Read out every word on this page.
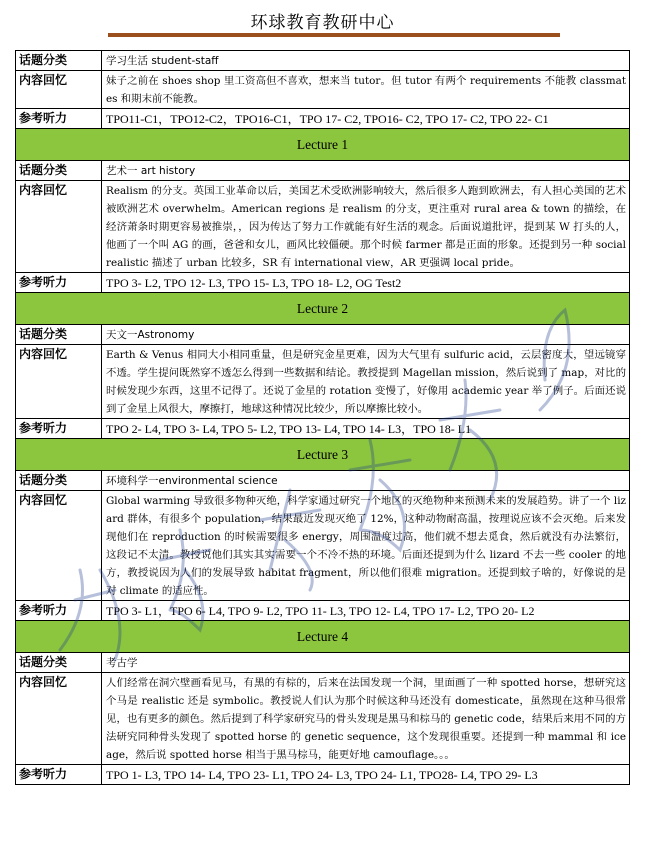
环球教育教研中心
话题分类	学习生活 student-staff
内容回忆	妹子之前在 shoes shop 里工资高但不喜欢，想来当 tutor。但 tutor 有两个 requirements 不能教 classmates 和期末前不能教。
参考听力	TPO11-C1，TPO12-C2，TPO16-C1，TPO 17- C2, TPO16- C2, TPO 17- C2, TPO 22- C1
Lecture 1
话题分类	艺术一 art history
内容回忆	Realism 的分支。英国工业革命以后，美国艺术受欧洲影响较大，然后很多人跑到欧洲去，有人担心美国的艺术被欧洲艺术 overwhelm。American regions 是 realism 的分支，更注重对 rural area & town 的描绘，在经济萧条时期更容易被推崇，，因为传达了努力工作就能有好生活的观念。后面说道批评，提到某 W 打头的人，他画了一个叫 AG 的画，爸爸和女儿，画风比较僵硬。那个时候 farmer 都是正面的形象。还提到另一种 social realistic 描述了 urban 比较多，SR 有 international view，AR 更强调 local pride。
参考听力	TPO 3- L2, TPO 12- L3, TPO 15- L3, TPO 18- L2, OG Test2
Lecture 2
话题分类	天文一Astronomy
内容回忆	Earth & Venus 相同大小相同重量，但是研究金星更难，因为大气里有 sulfuric acid，云层密度大，望远镜穿不透。学生提问既然穿不透怎么得到一些数据和结论。教授提到 Magellan mission，然后说到了 map，对比的时候发现少东西，这里不记得了。还说了金星的 rotation 变慢了，好像用 academic year 举了例子。后面还说到了金星上风很大，摩擦打，地球这种情况比较少，所以摩擦比较小。
参考听力	TPO 2- L4, TPO 3- L4, TPO 5- L2, TPO 13- L4, TPO 14- L3，TPO 18- L1
Lecture 3
话题分类	环境科学一environmental science
内容回忆	Global warming 导致很多物种灭绝，科学家通过研究一个地区的灭绝物种来预测未来的发展趋势。讲了一个 lizard 群体，有很多个 population，结果最近发现灭绝了 12%，这种动物耐高温，按理说应该不会灭绝。后来发现他们在 reproduction 的时候需要很多 energy，周围温度过高，他们就不想去觅食，然后就没有办法繁衍，这段记不太清。教授说他们其实其实需要一个不冷不热的环境。后面还提到为什么 lizard 不去一些 cooler 的地方，教授说因为人们的发展导致 habitat fragment，所以他们很难 migration。还提到蚊子啥的，好像说的是对 climate 的适应性。
参考听力	TPO 3- L1，TPO 6- L4, TPO 9- L2, TPO 11- L3, TPO 12- L4, TPO 17- L2, TPO 20- L2
Lecture 4
话题分类	考古学
内容回忆	人们经常在洞穴壁画看见马，有黑的有棕的，后来在法国发现一个洞，里面画了一种 spotted horse，想研究这个马是 realistic 还是 symbolic。教授说人们认为那个时候这种马还没有 domesticate，虽然现在这种马很常见，也有更多的颜色。然后提到了科学家研究马的骨头发现是黑马和棕马的 genetic code，结果后来用不同的方法研究同种骨头发现了 spotted horse 的 genetic sequence，这个发现很重要。还提到一种 mammal 和 ice age，然后说 spotted horse 相当于黑马棕马，能更好地 camouflage。。。
参考听力	TPO 1- L3, TPO 14- L4, TPO 23- L1, TPO 24- L3, TPO 24- L1, TPO28- L4, TPO 29- L3
